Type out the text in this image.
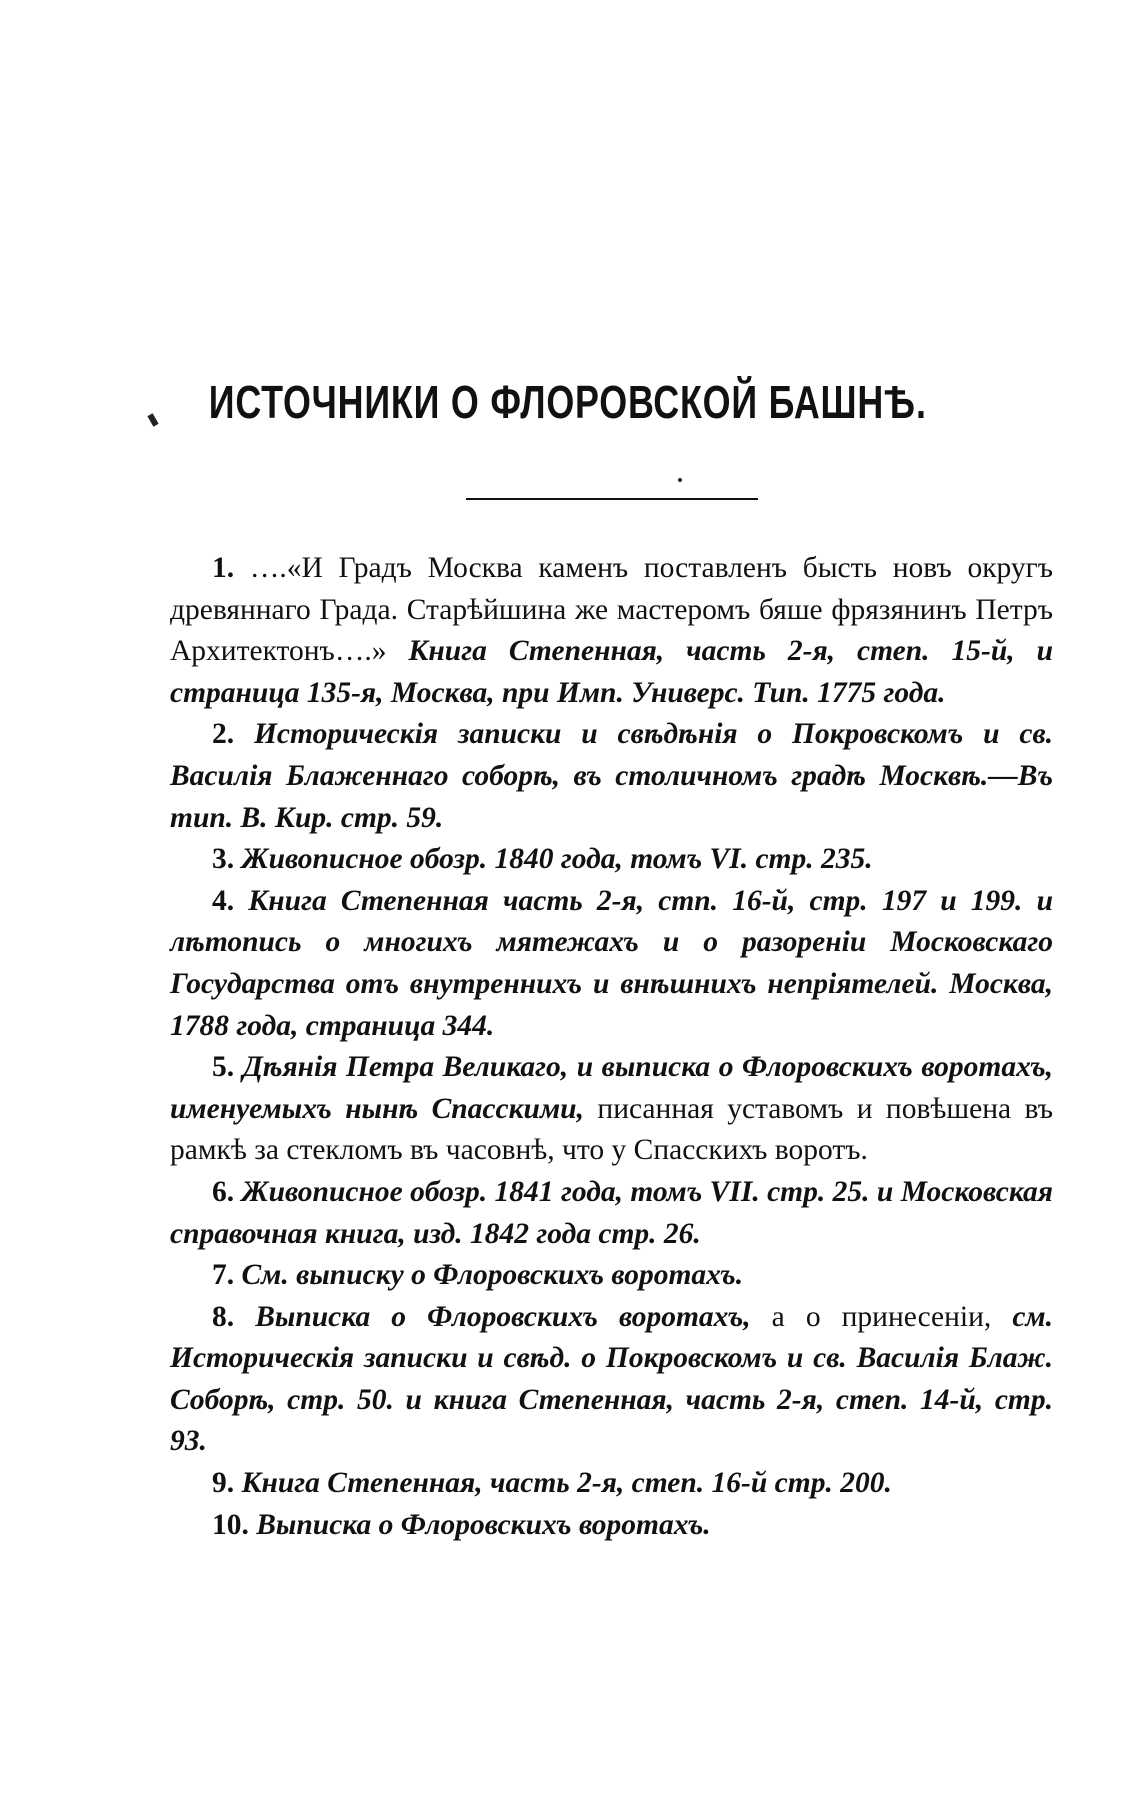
ИСТОЧНИКИ О ФЛОРОВСКОЙ БАШНѢ.
1. ….«И Градъ Москва каменъ поставленъ бысть новъ округъ древяннаго Града. Старѣйшина же мастеромъ бяше фрязянинъ Петръ Архитектонъ….» Книга Степенная, часть 2-я, степ. 15-й, и страница 135-я, Москва, при Имп. Универс. Тип. 1775 года.
2. Историческія записки и свѣдѣнія о Покровскомъ и св. Василія Блаженнаго соборѣ, въ столичномъ градѣ Москвѣ.—Въ тип. В. Кир. стр. 59.
3. Живописное обозр. 1840 года, томъ VI. стр. 235.
4. Книга Степенная часть 2-я, стп. 16-й, стр. 197 и 199. и лѣтопись о многихъ мятежахъ и о разореніи Московскаго Государства отъ внутреннихъ и внѣшнихъ непріятелей. Москва, 1788 года, страница 344.
5. Дѣянія Петра Великаго, и выписка о Флоровскихъ воротахъ, именуемыхъ нынѣ Спасскими, писанная уставомъ и повѣшена въ рамкѣ за стекломъ въ часовнѣ, что у Спасскихъ воротъ.
6. Живописное обозр. 1841 года, томъ VII. стр. 25. и Московская справочная книга, изд. 1842 года стр. 26.
7. См. выписку о Флоровскихъ воротахъ.
8. Выписка о Флоровскихъ воротахъ, а о принесеніи, см. Историческія записки и свѣд. о Покровскомъ и св. Василія Блаж. Соборѣ, стр. 50. и книга Степенная, часть 2-я, степ. 14-й, стр. 93.
9. Книга Степенная, часть 2-я, степ. 16-й стр. 200.
10. Выписка о Флоровскихъ воротахъ.
